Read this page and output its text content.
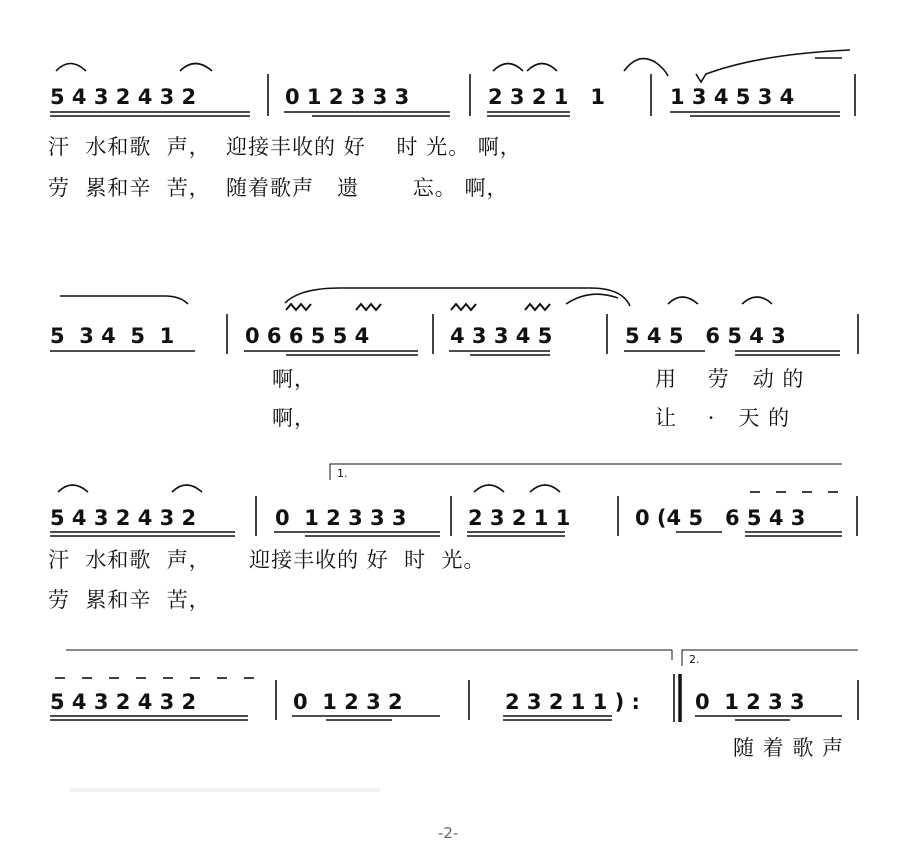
5 4 3 2 4 3 2	0 1 2 3 3 3	2 3 2 1   1	1 3 4 5 3 4
汗  水和歌  声，  迎接丰收的 好    时 光。 啊，
劳  累和辛  苦，  随着歌声   遗       忘。 啊，
5  3 4  5  1	0 6 6 5 5 4	4 3 3 4 5	5 4 5   6 5 4 3
啊，
啊，
用    劳   动 的
让    ·   天 的
1.
5 4 3 2 4 3 2	0  1 2 3 3 3	2 3 2 1 1	0 (4 5   6 5 4 3
汗  水和歌  声，     迎接丰收的 好  时  光。
劳  累和辛  苦，
2.
5 4 3 2 4 3 2	0  1 2 3 2	2 3 2 1 1 ) :	0  1 2 3 3
随 着 歌 声
-2-
